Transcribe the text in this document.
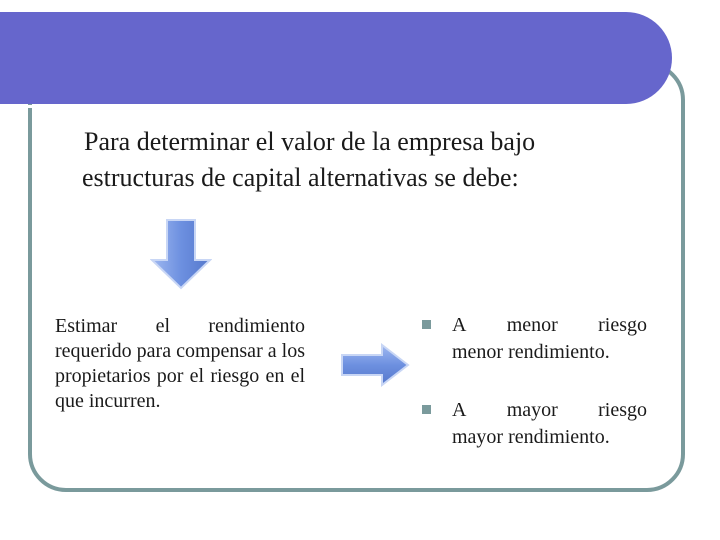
Para determinar el valor de la empresa bajo
estructuras de capital alternativas se debe:
Estimar el rendimiento requerido para compensar a los propietarios por el riesgo en el que incurren.
A menor riesgo
menor rendimiento.
A mayor riesgo
mayor rendimiento.
